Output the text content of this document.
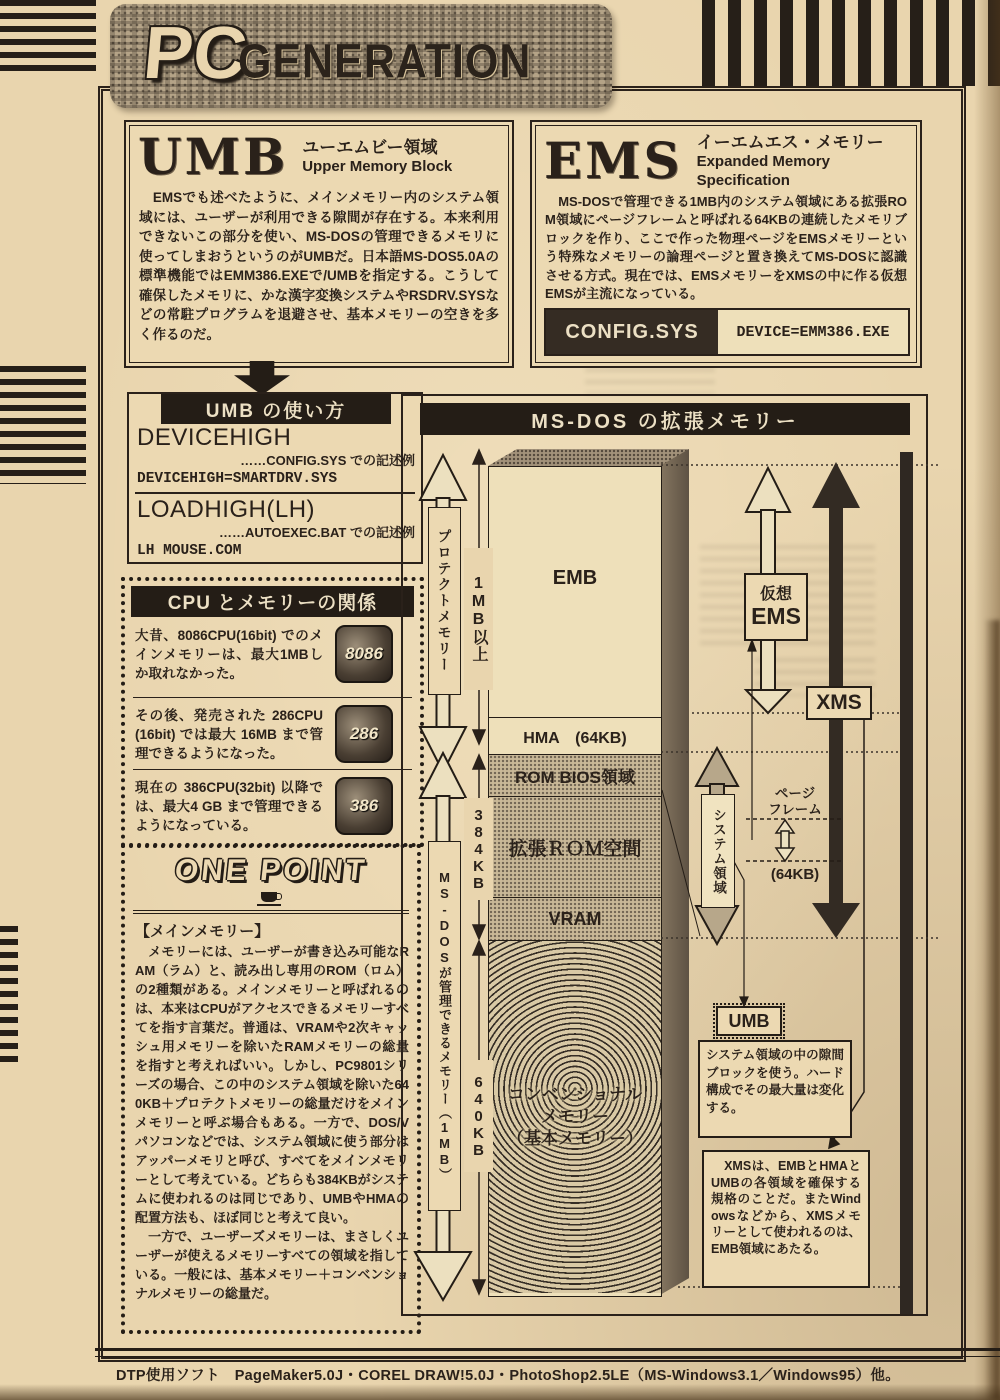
PC
GENERATION
UMB ユーエムビー領域
Upper Memory Block
　EMSでも述べたように、メインメモリー内のシステム領域には、ユーザーが利用できる隙間が存在する。本来利用できないこの部分を使い、MS-DOSの管理できるメモリに使ってしまおうというのがUMBだ。日本語MS-DOS5.0Aの標準機能ではEMM386.EXEで/UMBを指定する。こうして確保したメモリに、かな漢字変換システムやRSDRV.SYSなどの常駐プログラムを退避させ、基本メモリーの空きを多く作るのだ。
EMS イーエムエス・メモリー
Expanded Memory Specification
　MS-DOSで管理できる1MB内のシステム領域にある拡張ROM領域にページフレームと呼ばれる64KBの連続したメモリブロックを作り、ここで作った物理ページをEMSメモリーという特殊なメモリーの論理ページと置き換えてMS-DOSに認識させる方式。現在では、EMSメモリーをXMSの中に作る仮想EMSが主流になっている。
CONFIG.SYS	DEVICE=EMM386.EXE
UMB の使い方
DEVICEHIGH
……CONFIG.SYS での記述例
DEVICEHIGH=SMARTDRV.SYS
LOADHIGH(LH)
……AUTOEXEC.BAT での記述例
LH MOUSE.COM
CPU とメモリーの関係
大昔、8086CPU(16bit) でのメインメモリーは、最大1MBしか取れなかった。
8086
その後、発売された 286CPU(16bit) では最大 16MB まで管理できるようになった。
286
現在の 386CPU(32bit) 以降では、最大4 GB まで管理できるようになっている。
386
ONE POINT
【メインメモリー】

　メモリーには、ユーザーが書き込み可能なRAM（ラム）と、読み出し専用のROM（ロム）の2種類がある。メインメモリーと呼ばれるのは、本来はCPUがアクセスできるメモリーすべてを指す言葉だ。普通は、VRAMや2次キャッシュ用メモリーを除いたRAMメモリーの総量を指すと考えればいい。しかし、PC9801シリーズの場合、この中のシステム領域を除いた640KB＋プロテクトメモリーの総量だけをメインメモリーと呼ぶ場合もある。一方で、DOS/Vパソコンなどでは、システム領域に使う部分はアッパーメモリと呼び、すべてをメインメモリーとして考えている。どちらも384KBがシステムに使われるのは同じであり、UMBやHMAの配置方法も、ほぼ同じと考えて良い。

　一方で、ユーザーズメモリーは、まさしくユーザーが使えるメモリーすべての領域を指している。一般には、基本メモリー＋コンベンショナルメモリーの総量だ。

MS-DOS の拡張メモリー
EMB
HMA　(64KB)
ROM BIOS領域
拡張ＲＯＭ空間
VRAM
コンベンショナル
メモリー
（基本メモリー）
プロテクトメモリー	1MB以上
MS-DOSが管理できるメモリー（1MB）
384KB
640KB
仮想
EMS
XMS
システム領域
ページ
フレーム
(64KB)
UMB
システム領域の中の隙間ブロックを使う。ハード構成でその最大量は変化する。
　XMSは、EMBとHMAとUMBの各領域を確保する規格のことだ。またWindowsなどから、XMSメモリーとして使われるのは、EMB領域にあたる。
DTP使用ソフト　PageMaker5.0J・COREL DRAW!5.0J・PhotoShop2.5LE（MS-Windows3.1／Windows95）他。
